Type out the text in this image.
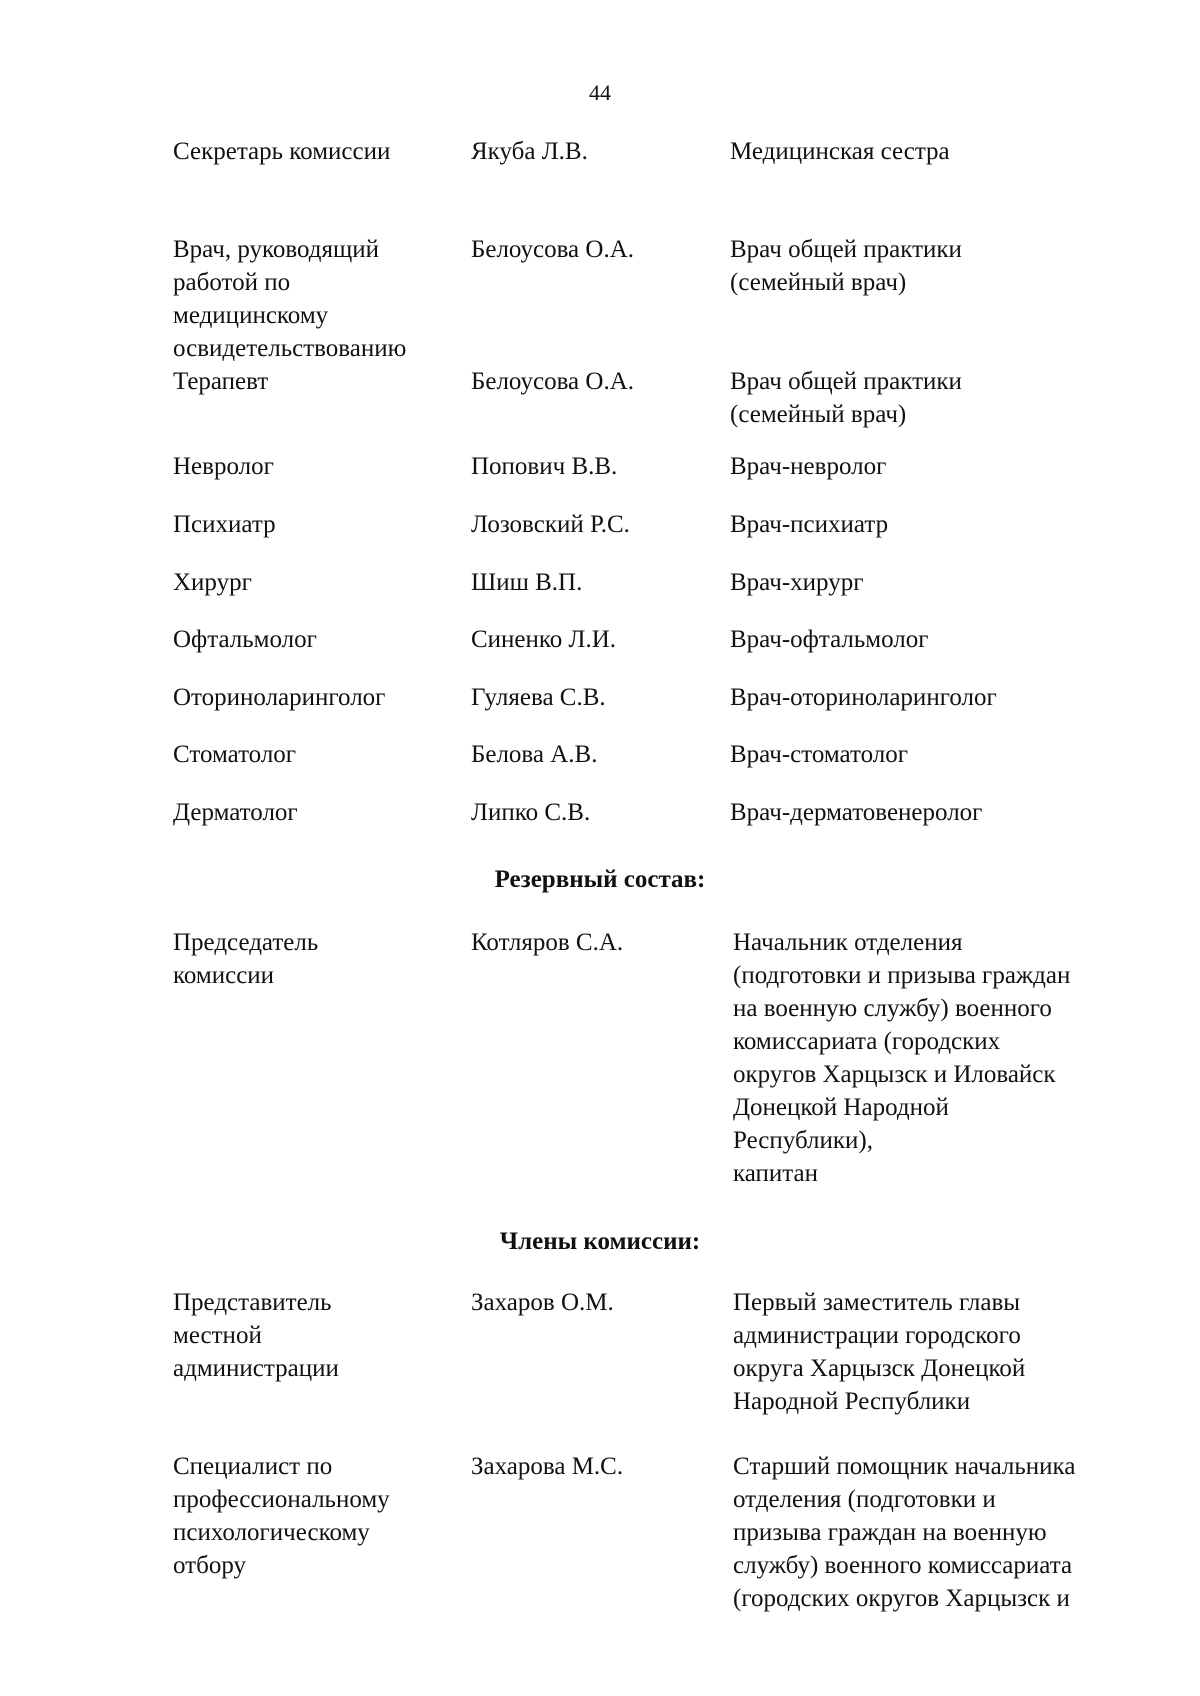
44
Секретарь комиссии	Якуба Л.В.	Медицинская сестра
Врач, руководящий
работой по
медицинскому
освидетельствованию
Белоусова О.А.	Врач общей практики
(семейный врач)
Терапевт	Белоусова О.А.	Врач общей практики
(семейный врач)
Невролог	Попович В.В.	Врач-невролог
Психиатр	Лозовский Р.С.	Врач-психиатр
Хирург	Шиш В.П.	Врач-хирург
Офтальмолог	Синенко Л.И.	Врач-офтальмолог
Оториноларинголог	Гуляева С.В.	Врач-оториноларинголог
Стоматолог	Белова А.В.	Врач-стоматолог
Дерматолог	Липко С.В.	Врач-дерматовенеролог
Резервный состав:
Председатель
комиссии
Котляров С.А.	Начальник отделения
(подготовки и призыва граждан
на военную службу) военного
комиссариата (городских
округов Харцызск и Иловайск
Донецкой Народной
Республики),
капитан
Члены комиссии:
Представитель
местной
администрации
Захаров О.М.	Первый заместитель главы
администрации городского
округа Харцызск Донецкой
Народной Республики
Специалист по
профессиональному
психологическому
отбору
Захарова М.С.	Старший помощник начальника
отделения (подготовки и
призыва граждан на военную
службу) военного комиссариата
(городских округов Харцызск и
